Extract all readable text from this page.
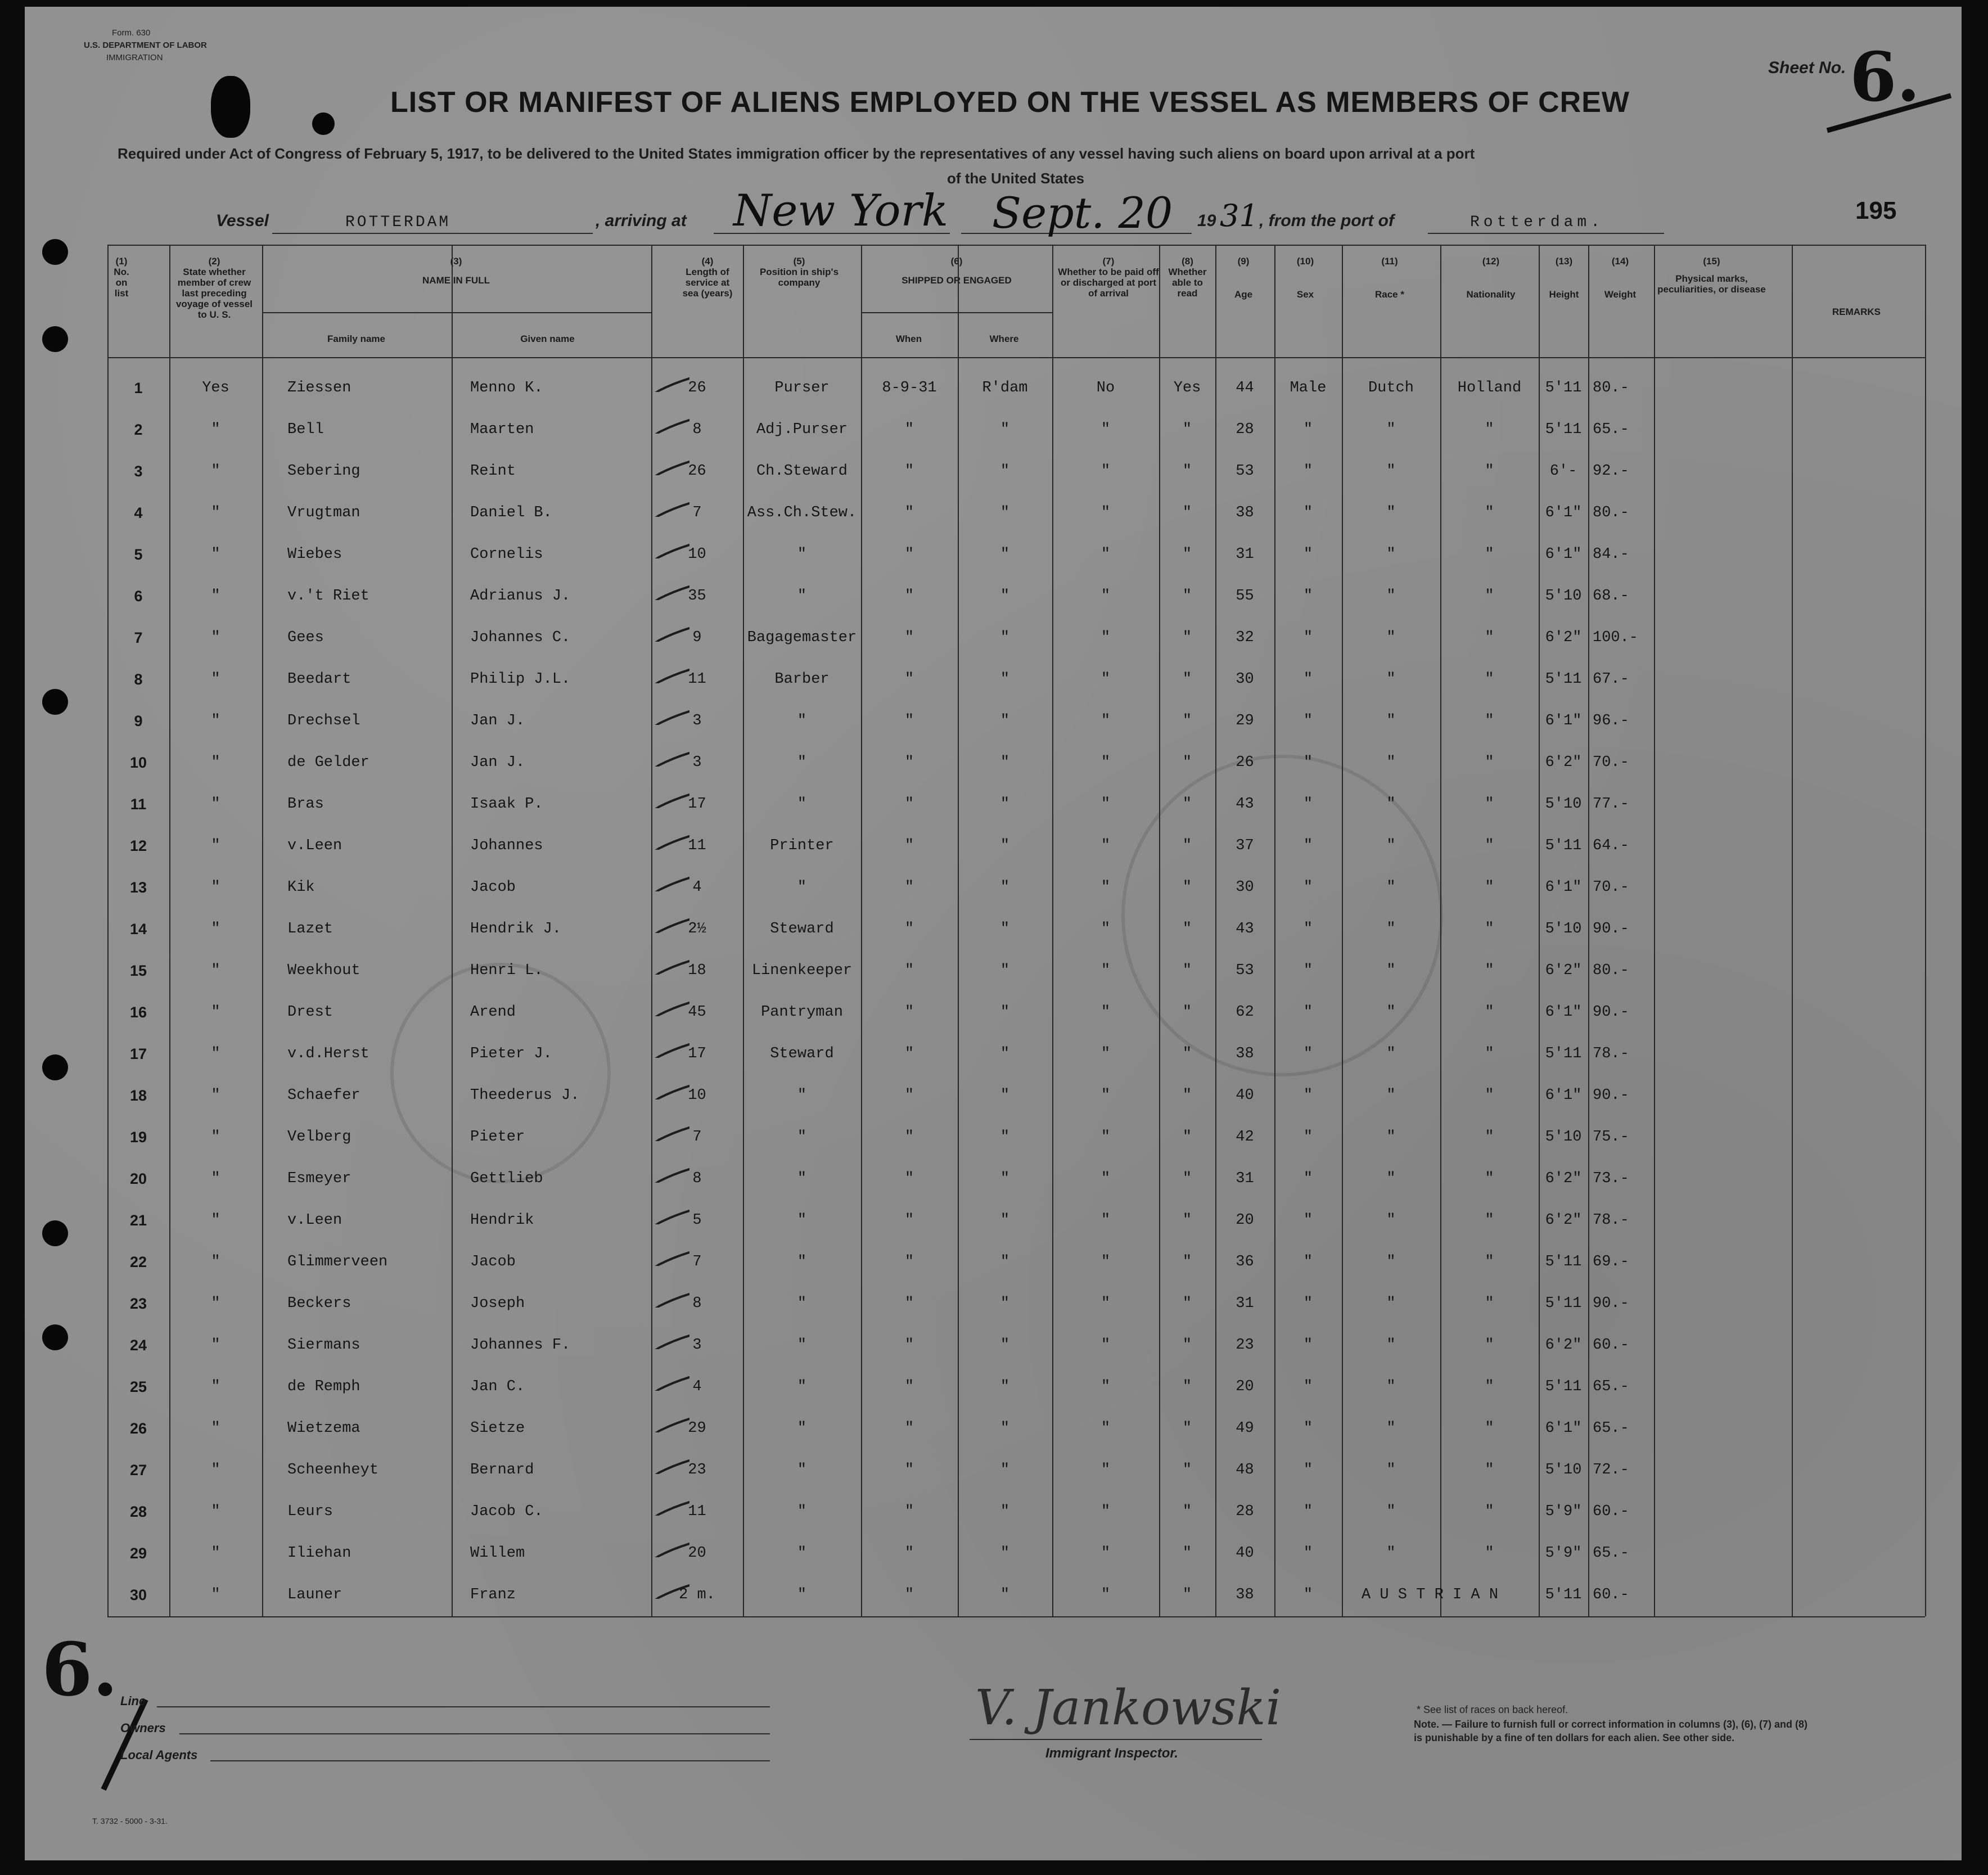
Form. 630
U.S. DEPARTMENT OF LABOR
IMMIGRATION
LIST OR MANIFEST OF ALIENS EMPLOYED ON THE VESSEL AS MEMBERS OF CREW
Required under Act of Congress of February 5, 1917, to be delivered to the United States immigration officer by the representatives of any vessel having such aliens on board upon arrival at a port
of the United States
Sheet No. 6.
195
Vessel	ROTTERDAM	, arriving at New York Sept. 20 19 31 , from the port of	Rotterdam.
(1)
No. on list
(2)
State whether member of crew last preceding voyage of vessel to U. S.
(3)
NAME IN FULL
Family name	Given name
(4)
Length of service at sea (years)
(5)
Position in ship's company
(6)
SHIPPED OR ENGAGED
When	Where
(7)
Whether to be paid off or discharged at port of arrival
(8)
Whether able to read
(9)
Age
(10)
Sex
(11)
Race *
(12)
Nationality
(13)
Height
(14)
Weight
(15)
Physical marks, peculiarities, or disease
REMARKS
1	Yes	Ziessen	Menno K.	26	Purser	8-9-31	R'dam	No	Yes	44	Male	Dutch	Holland	5'11 80.-
2	"	Bell	Maarten	8	Adj.Purser	"	"	"	"	28	"	"	"	5'11 65.-
3	"	Sebering	Reint	26	Ch.Steward	"	"	"	"	53	"	"	"	6'-	92.-
4	"	Vrugtman	Daniel B.	7	Ass.Ch.Stew.	"	"	"	"	38	"	"	"	6'1" 80.-
5	"	Wiebes	Cornelis	10	"	"	"	"	"	31	"	"	"	6'1" 84.-
6	"	v.'t Riet	Adrianus J.	35	"	"	"	"	"	55	"	"	"	5'10 68.-
7	"	Gees	Johannes C.	9	Bagagemaster	"	"	"	"	32	"	"	"	6'2" 100.-
8	"	Beedart	Philip J.L.	11	Barber	"	"	"	"	30	"	"	"	5'11 67.-
9	"	Drechsel	Jan J.	3	"	"	"	"	"	29	"	"	"	6'1" 96.-
10	"	de Gelder	Jan J.	3	"	"	"	"	"	26	"	"	"	6'2" 70.-
11	"	Bras	Isaak P.	17	"	"	"	"	"	43	"	"	"	5'10 77.-
12	"	v.Leen	Johannes	11	Printer	"	"	"	"	37	"	"	"	5'11 64.-
13	"	Kik	Jacob	4	"	"	"	"	"	30	"	"	"	6'1" 70.-
14	"	Lazet	Hendrik J.	2½	Steward	"	"	"	"	43	"	"	"	5'10 90.-
15	"	Weekhout	Henri L.	18	Linenkeeper	"	"	"	"	53	"	"	"	6'2" 80.-
16	"	Drest	Arend	45	Pantryman	"	"	"	"	62	"	"	"	6'1" 90.-
17	"	v.d.Herst	Pieter J.	17	Steward	"	"	"	"	38	"	"	"	5'11 78.-
18	"	Schaefer	Theederus J.	10	"	"	"	"	"	40	"	"	"	6'1" 90.-
19	"	Velberg	Pieter	7	"	"	"	"	"	42	"	"	"	5'10 75.-
20	"	Esmeyer	Gettlieb	8	"	"	"	"	"	31	"	"	"	6'2" 73.-
21	"	v.Leen	Hendrik	5	"	"	"	"	"	20	"	"	"	6'2" 78.-
22	"	Glimmerveen	Jacob	7	"	"	"	"	"	36	"	"	"	5'11 69.-
23	"	Beckers	Joseph	8	"	"	"	"	"	31	"	"	"	5'11 90.-
24	"	Siermans	Johannes F.	3	"	"	"	"	"	23	"	"	"	6'2" 60.-
25	"	de Remph	Jan C.	4	"	"	"	"	"	20	"	"	"	5'11 65.-
26	"	Wietzema	Sietze	29	"	"	"	"	"	49	"	"	"	6'1" 65.-
27	"	Scheenheyt	Bernard	23	"	"	"	"	"	48	"	"	"	5'10 72.-
28	"	Leurs	Jacob C.	11	"	"	"	"	"	28	"	"	"	5'9" 60.-
29	"	Iliehan	Willem	20	"	"	"	"	"	40	"	"	"	5'9" 65.-
30	"	Launer	Franz	2 m.	"	"	"	"	"	38	"	A U S T R I A N	5'11 60.-
6. Line
Owners
Local Agents
V. Jankowski
Immigrant Inspector.
T. 3732 - 5000 - 3-31.
* See list of races on back hereof.
Note. — Failure to furnish full or correct information in columns (3), (6), (7) and (8)
is punishable by a fine of ten dollars for each alien. See other side.
